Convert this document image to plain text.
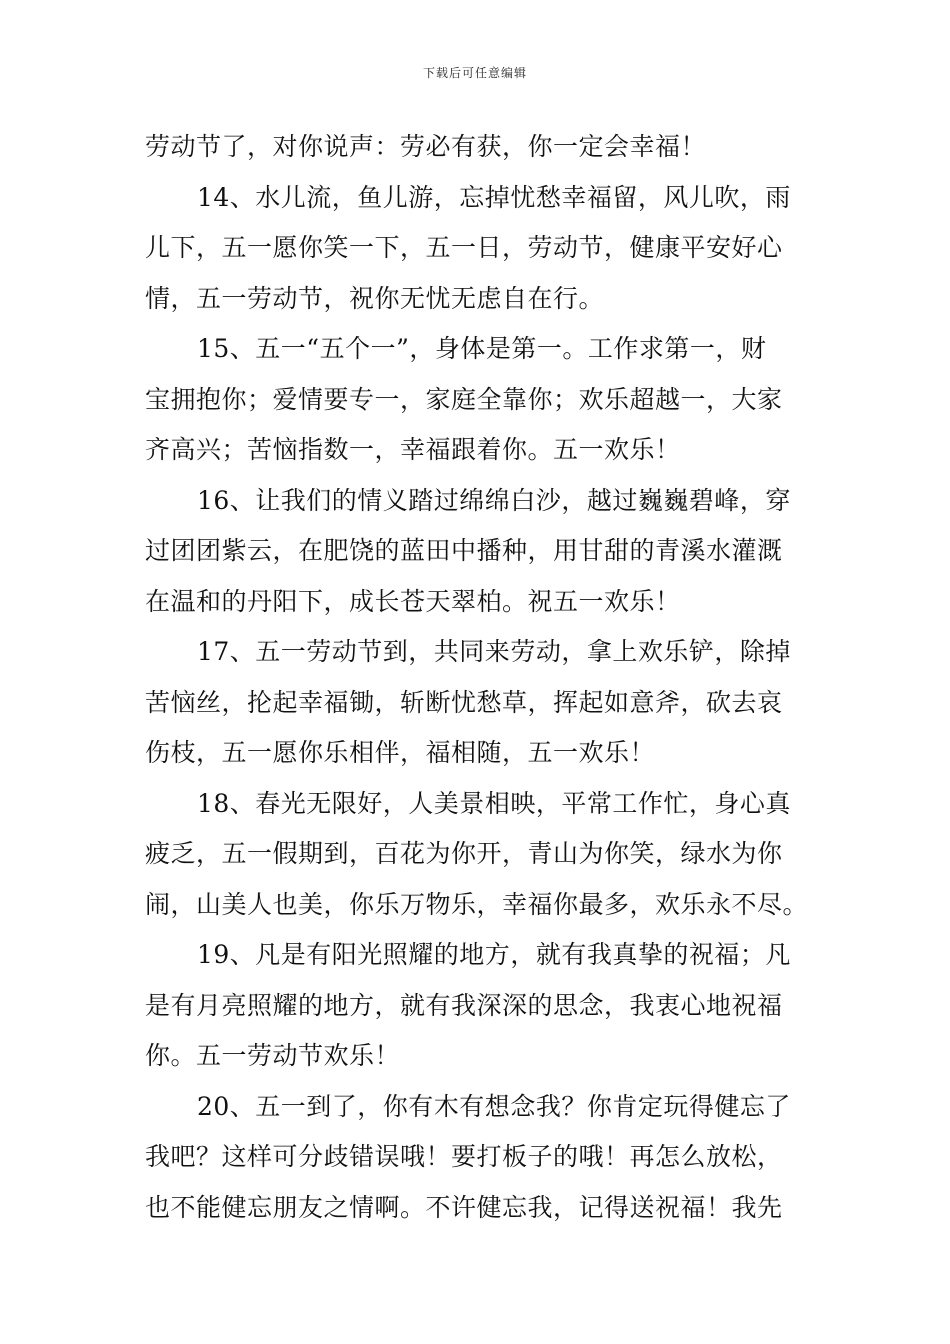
下载后可任意编辑
劳动节了，对你说声：劳必有获，你一定会幸福！
14、水儿流，鱼儿游，忘掉忧愁幸福留，风儿吹，雨
儿下，五一愿你笑一下，五一日，劳动节，健康平安好心
情，五一劳动节，祝你无忧无虑自在行。
15、五一“五个一”，身体是第一。工作求第一，财
宝拥抱你；爱情要专一，家庭全靠你；欢乐超越一，大家
齐高兴；苦恼指数一，幸福跟着你。五一欢乐！
16、让我们的情义踏过绵绵白沙，越过巍巍碧峰，穿
过团团紫云，在肥饶的蓝田中播种，用甘甜的青溪水灌溉
在温和的丹阳下，成长苍天翠柏。祝五一欢乐！
17、五一劳动节到，共同来劳动，拿上欢乐铲，除掉
苦恼丝，抡起幸福锄，斩断忧愁草，挥起如意斧，砍去哀
伤枝，五一愿你乐相伴，福相随，五一欢乐！
18、春光无限好，人美景相映，平常工作忙，身心真
疲乏，五一假期到，百花为你开，青山为你笑，绿水为你
闹，山美人也美，你乐万物乐，幸福你最多，欢乐永不尽。
19、凡是有阳光照耀的地方，就有我真挚的祝福；凡
是有月亮照耀的地方，就有我深深的思念，我衷心地祝福
你。五一劳动节欢乐！
20、五一到了，你有木有想念我？你肯定玩得健忘了
我吧？这样可分歧错误哦！要打板子的哦！再怎么放松，
也不能健忘朋友之情啊。不许健忘我，记得送祝福！我先
